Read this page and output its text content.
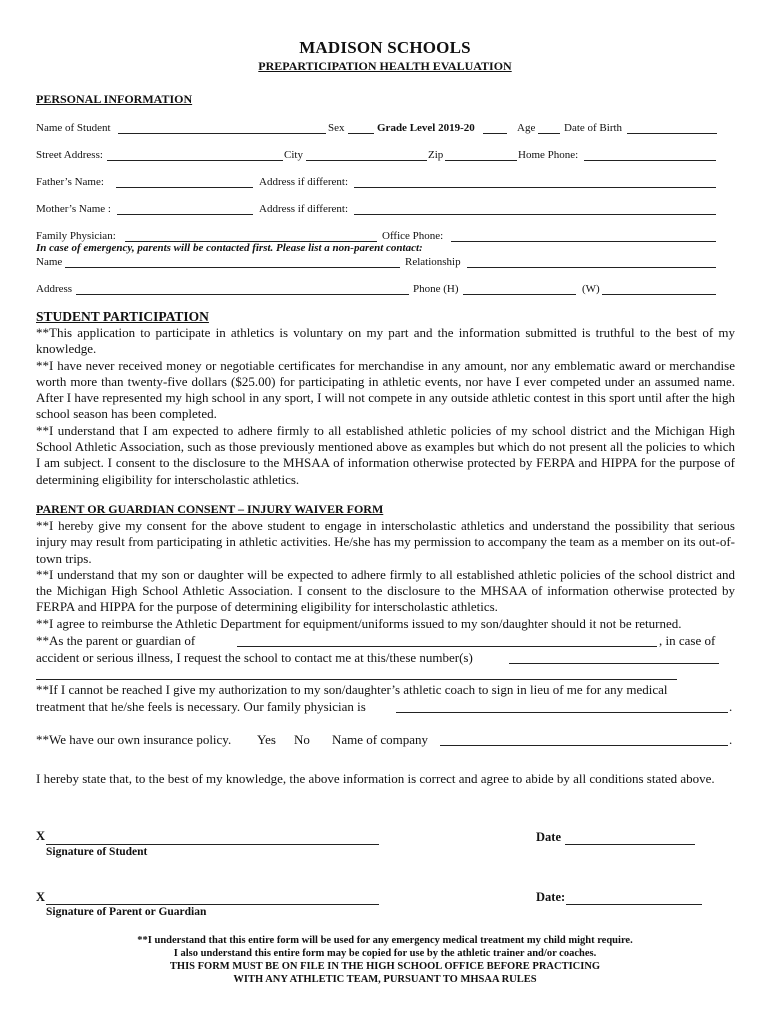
MADISON SCHOOLS
PREPARTICIPATION HEALTH EVALUATION
PERSONAL INFORMATION
Name of Student	Sex	Grade Level 2019-20	Age	Date of Birth
Street Address:	City	Zip	Home Phone:
Father’s Name:	Address if different:
Mother’s Name :	Address if different:
Family Physician:	Office Phone:
In case of emergency, parents will be contacted first. Please list a non-parent contact:
Name	Relationship
Address	Phone (H)	(W)
STUDENT PARTICIPATION

**This application to participate in athletics is voluntary on my part and the information submitted is truthful to the best of my knowledge.

**I have never received money or negotiable certificates for merchandise in any amount, nor any emblematic award or merchandise worth more than twenty-five dollars ($25.00) for participating in athletic events, nor have I ever competed under an assumed name. After I have represented my high school in any sport, I will not compete in any outside athletic contest in this sport until after the high school season has been completed.

**I understand that I am expected to adhere firmly to all established athletic policies of my school district and the Michigan High School Athletic Association, such as those previously mentioned above as examples but which do not present all the policies to which I am subject. I consent to the disclosure to the MHSAA of information otherwise protected by FERPA and HIPPA for the purpose of determining eligibility for interscholastic athletics.

PARENT OR GUARDIAN CONSENT – INJURY WAIVER FORM

**I hereby give my consent for the above student to engage in interscholastic athletics and understand the possibility that serious injury may result from participating in athletic activities. He/she has my permission to accompany the team as a member on its out-of-town trips.

**I understand that my son or daughter will be expected to adhere firmly to all established athletic policies of the school district and the Michigan High School Athletic Association. I consent to the disclosure to the MHSAA of information otherwise protected by FERPA and HIPPA for the purpose of determining eligibility for interscholastic athletics.

**I agree to reimburse the Athletic Department for equipment/uniforms issued to my son/daughter should it not be returned.

**As the parent or guardian of	, in case of
accident or serious illness, I request the school to contact me at this/these number(s)
**If I cannot be reached I give my authorization to my son/daughter’s athletic coach to sign in lieu of me for any medical
treatment that he/she feels is necessary. Our family physician is	.
**We have our own insurance policy. Yes No Name of company	.

I hereby state that, to the best of my knowledge, the above information is correct and agree to abide by all conditions stated above.

X
Signature of Student
Date
X
Signature of Parent or Guardian
Date:
**I understand that this entire form will be used for any emergency medical treatment my child might require.
I also understand this entire form may be copied for use by the athletic trainer and/or coaches.
THIS FORM MUST BE ON FILE IN THE HIGH SCHOOL OFFICE BEFORE PRACTICING
WITH ANY ATHLETIC TEAM, PURSUANT TO MHSAA RULES
